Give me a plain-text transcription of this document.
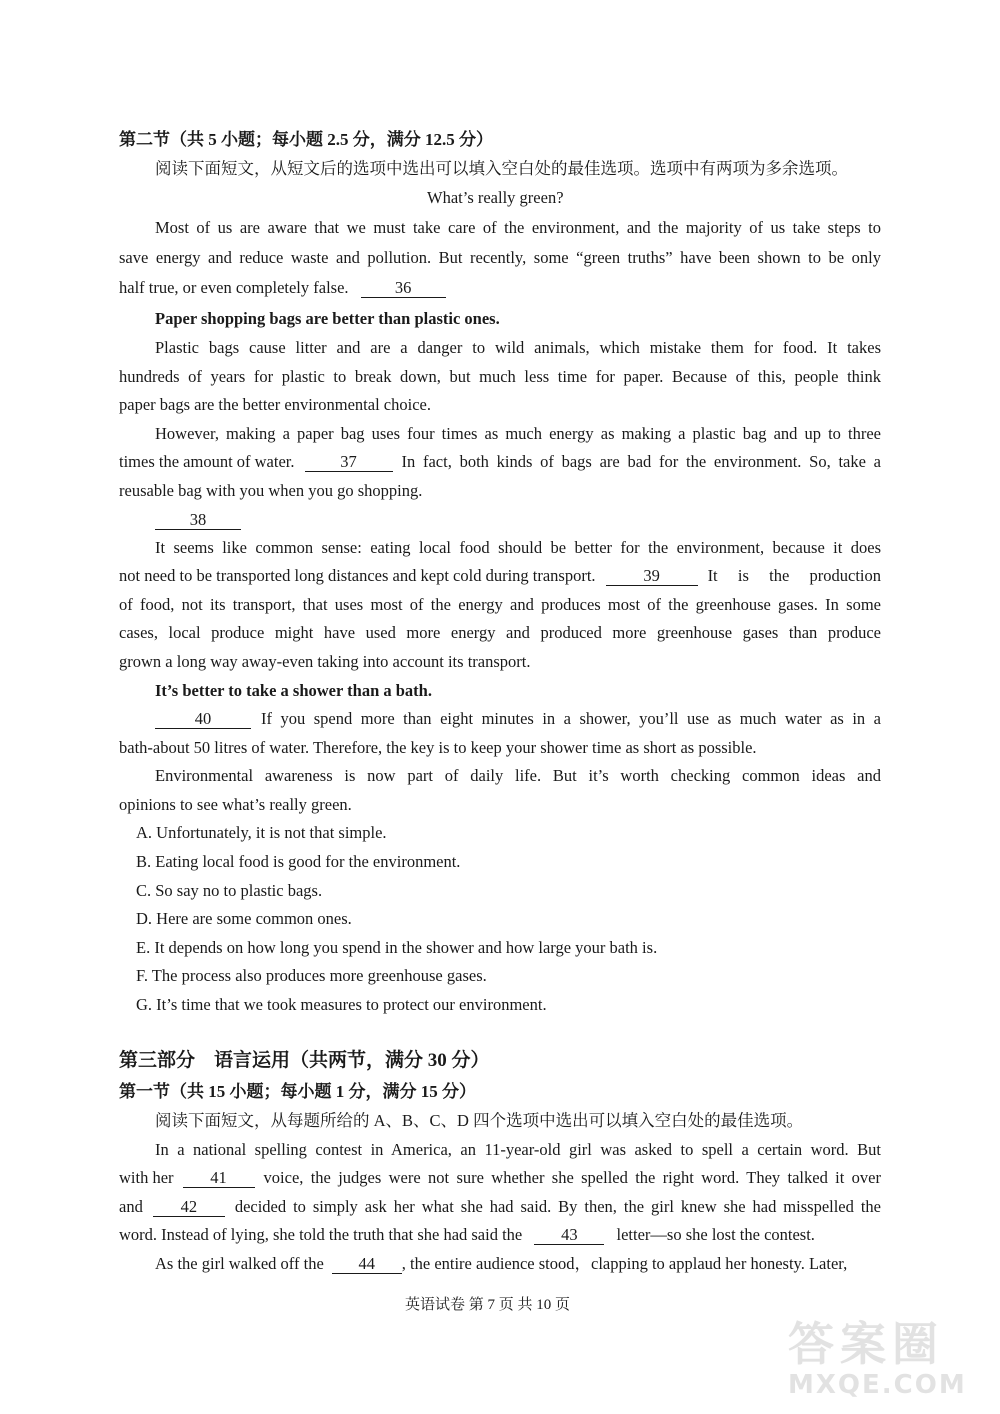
第二节（共 5 小题；每小题 2.5 分，满分 12.5 分）
阅读下面短文，从短文后的选项中选出可以填入空白处的最佳选项。选项中有两项为多余选项。
What’s really green?
Most of us are aware that we must take care of the environment, and the majority of us take steps to
save energy and reduce waste and pollution. But recently, some “green truths” have been shown to be only
half true, or even completely false.	36
Paper shopping bags are better than plastic ones.
Plastic bags cause litter and are a danger to wild animals, which mistake them for food. It takes
hundreds of years for plastic to break down, but much less time for paper. Because of this, people think
paper bags are the better environmental choice.
However, making a paper bag uses four times as much energy as making a plastic bag and up to three
times the amount of water.	37	In fact, both kinds of bags are bad for the environment. So, take a
reusable bag with you when you go shopping.
38
It seems like common sense: eating local food should be better for the environment, because it does
not need to be transported long distances and kept cold during transport.	39	It is the production
of food, not its transport, that uses most of the energy and produces most of the greenhouse gases. In some
cases, local produce might have used more energy and produced more greenhouse gases than produce
grown a long way away-even taking into account its transport.
It’s better to take a shower than a bath.
40	If you spend more than eight minutes in a shower, you’ll use as much water as in a
bath-about 50 litres of water. Therefore, the key is to keep your shower time as short as possible.
Environmental awareness is now part of daily life. But it’s worth checking common ideas and
opinions to see what’s really green.
A. Unfortunately, it is not that simple.
B. Eating local food is good for the environment.
C. So say no to plastic bags.
D. Here are some common ones.
E. It depends on how long you spend in the shower and how large your bath is.
F. The process also produces more greenhouse gases.
G. It’s time that we took measures to protect our environment.
第三部分　语言运用（共两节，满分 30 分）
第一节（共 15 小题；每小题 1 分，满分 15 分）
阅读下面短文，从每题所给的 A、B、C、D 四个选项中选出可以填入空白处的最佳选项。
In a national spelling contest in America, an 11-year-old girl was asked to spell a certain word. But
with her	41	voice, the judges were not sure whether she spelled the right word. They talked it over
and	42	decided to simply ask her what she had said. By then, the girl knew she had misspelled the
word. Instead of lying, she told the truth that she had said the 43 letter—so she lost the contest.
As the girl walked off the	44	, the entire audience stood，clapping to applaud her honesty. Later,
英语试卷 第 7 页 共 10 页
答案圈
MXQE.COM
